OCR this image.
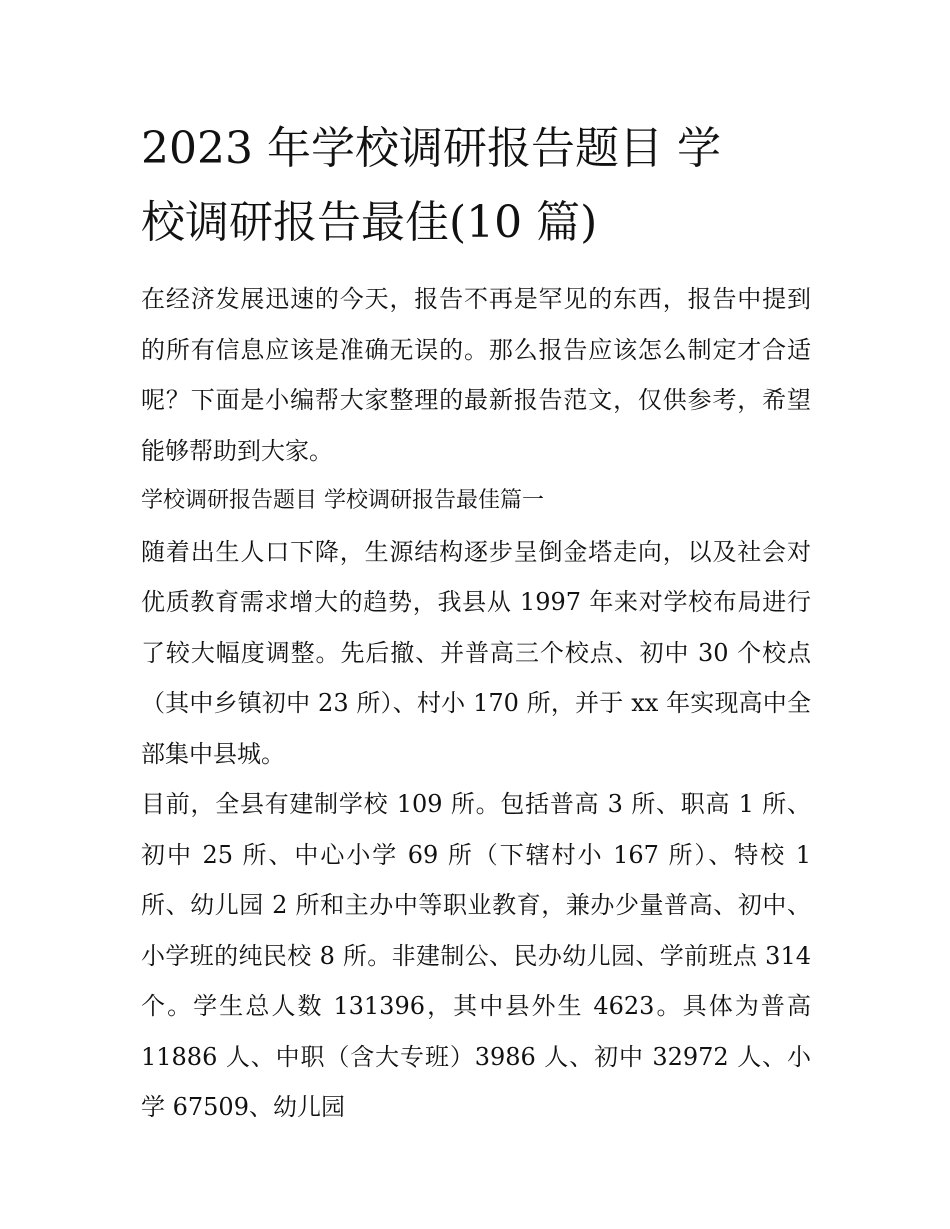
2023 年学校调研报告题目 学
校调研报告最佳(10 篇)

在经济发展迅速的今天，报告不再是罕见的东西，报告中提到的所有信息应该是准确无误的。那么报告应该怎么制定才合适呢？下面是小编帮大家整理的最新报告范文，仅供参考，希望能够帮助到大家。

学校调研报告题目 学校调研报告最佳篇一

随着出生人口下降，生源结构逐步呈倒金塔走向，以及社会对优质教育需求增大的趋势，我县从 1997 年来对学校布局进行了较大幅度调整。先后撤、并普高三个校点、初中 30 个校点（其中乡镇初中 23 所）、村小 170 所，并于 xx 年实现高中全部集中县城。

目前，全县有建制学校 109 所。包括普高 3 所、职高 1 所、初中 25 所、中心小学 69 所（下辖村小 167 所）、特校 1 所、幼儿园 2 所和主办中等职业教育，兼办少量普高、初中、小学班的纯民校 8 所。非建制公、民办幼儿园、学前班点 314 个。学生总人数 131396，其中县外生 4623。具体为普高 11886 人、中职（含大专班）3986 人、初中 32972 人、小学 67509、幼儿园
